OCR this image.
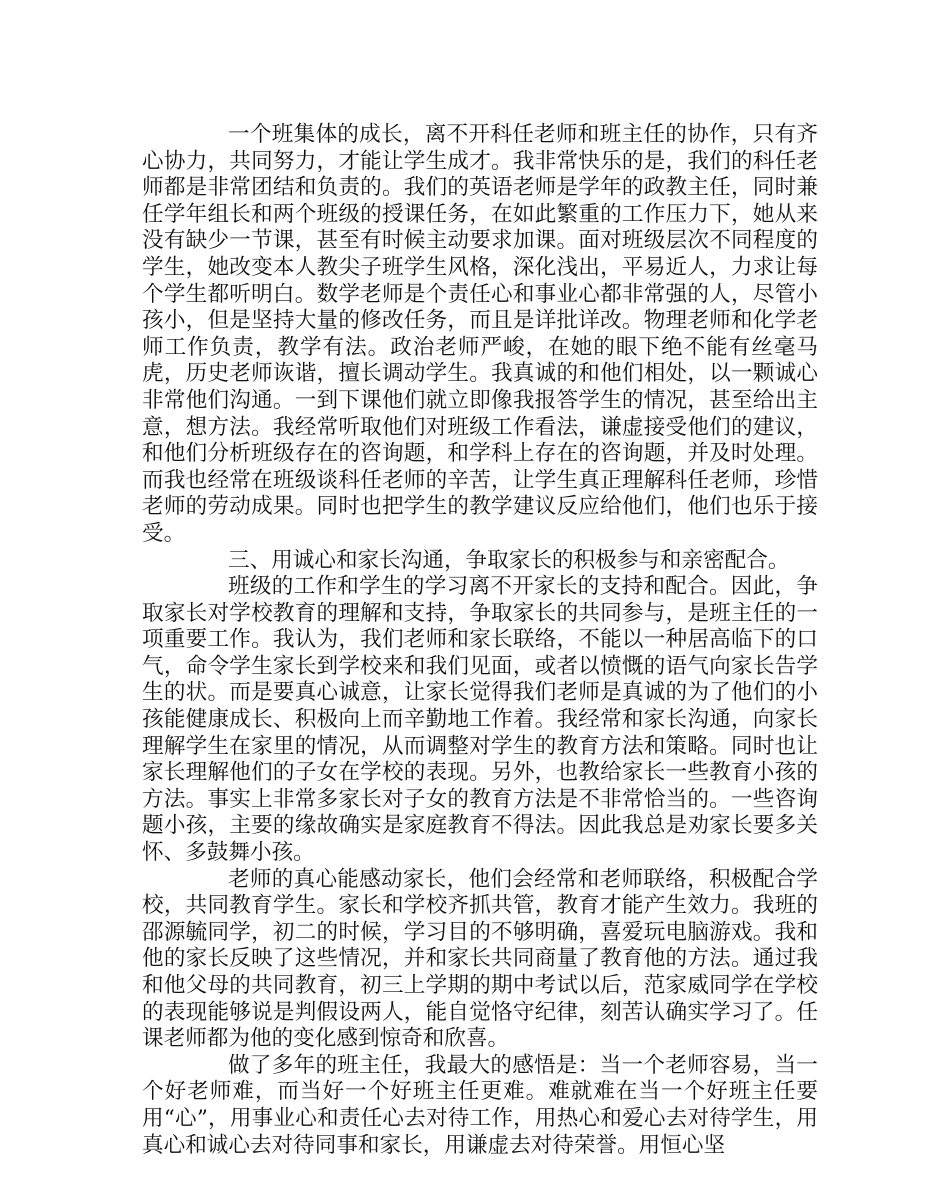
一个班集体的成长，离不开科任老师和班主任的协作，只有齐心协力，共同努力，才能让学生成才。我非常快乐的是，我们的科任老师都是非常团结和负责的。我们的英语老师是学年的政教主任，同时兼任学年组长和两个班级的授课任务，在如此繁重的工作压力下，她从来没有缺少一节课，甚至有时候主动要求加课。面对班级层次不同程度的学生，她改变本人教尖子班学生风格，深化浅出，平易近人，力求让每个学生都听明白。数学老师是个责任心和事业心都非常强的人，尽管小孩小，但是坚持大量的修改任务，而且是详批详改。物理老师和化学老师工作负责，教学有法。政治老师严峻，在她的眼下绝不能有丝毫马虎，历史老师诙谐，擅长调动学生。我真诚的和他们相处，以一颗诚心非常他们沟通。一到下课他们就立即像我报答学生的情况，甚至给出主意，想方法。我经常听取他们对班级工作看法，谦虚接受他们的建议，和他们分析班级存在的咨询题，和学科上存在的咨询题，并及时处理。而我也经常在班级谈科任老师的辛苦，让学生真正理解科任老师，珍惜老师的劳动成果。同时也把学生的教学建议反应给他们，他们也乐于接受。

三、用诚心和家长沟通，争取家长的积极参与和亲密配合。

班级的工作和学生的学习离不开家长的支持和配合。因此，争取家长对学校教育的理解和支持，争取家长的共同参与，是班主任的一项重要工作。我认为，我们老师和家长联络，不能以一种居高临下的口气，命令学生家长到学校来和我们见面，或者以愤慨的语气向家长告学生的状。而是要真心诚意，让家长觉得我们老师是真诚的为了他们的小孩能健康成长、积极向上而辛勤地工作着。我经常和家长沟通，向家长理解学生在家里的情况，从而调整对学生的教育方法和策略。同时也让家长理解他们的子女在学校的表现。另外，也教给家长一些教育小孩的方法。事实上非常多家长对子女的教育方法是不非常恰当的。一些咨询题小孩，主要的缘故确实是家庭教育不得法。因此我总是劝家长要多关怀、多鼓舞小孩。

老师的真心能感动家长，他们会经常和老师联络，积极配合学校，共同教育学生。家长和学校齐抓共管，教育才能产生效力。我班的邵源毓同学，初二的时候，学习目的不够明确，喜爱玩电脑游戏。我和他的家长反映了这些情况，并和家长共同商量了教育他的方法。通过我和他父母的共同教育，初三上学期的期中考试以后，范家威同学在学校的表现能够说是判假设两人，能自觉恪守纪律，刻苦认确实学习了。任课老师都为他的变化感到惊奇和欣喜。

做了多年的班主任，我最大的感悟是：当一个老师容易，当一个好老师难，而当好一个好班主任更难。难就难在当一个好班主任要用“心”，用事业心和责任心去对待工作，用热心和爱心去对待学生，用真心和诚心去对待同事和家长，用谦虚去对待荣誉。用恒心坚
